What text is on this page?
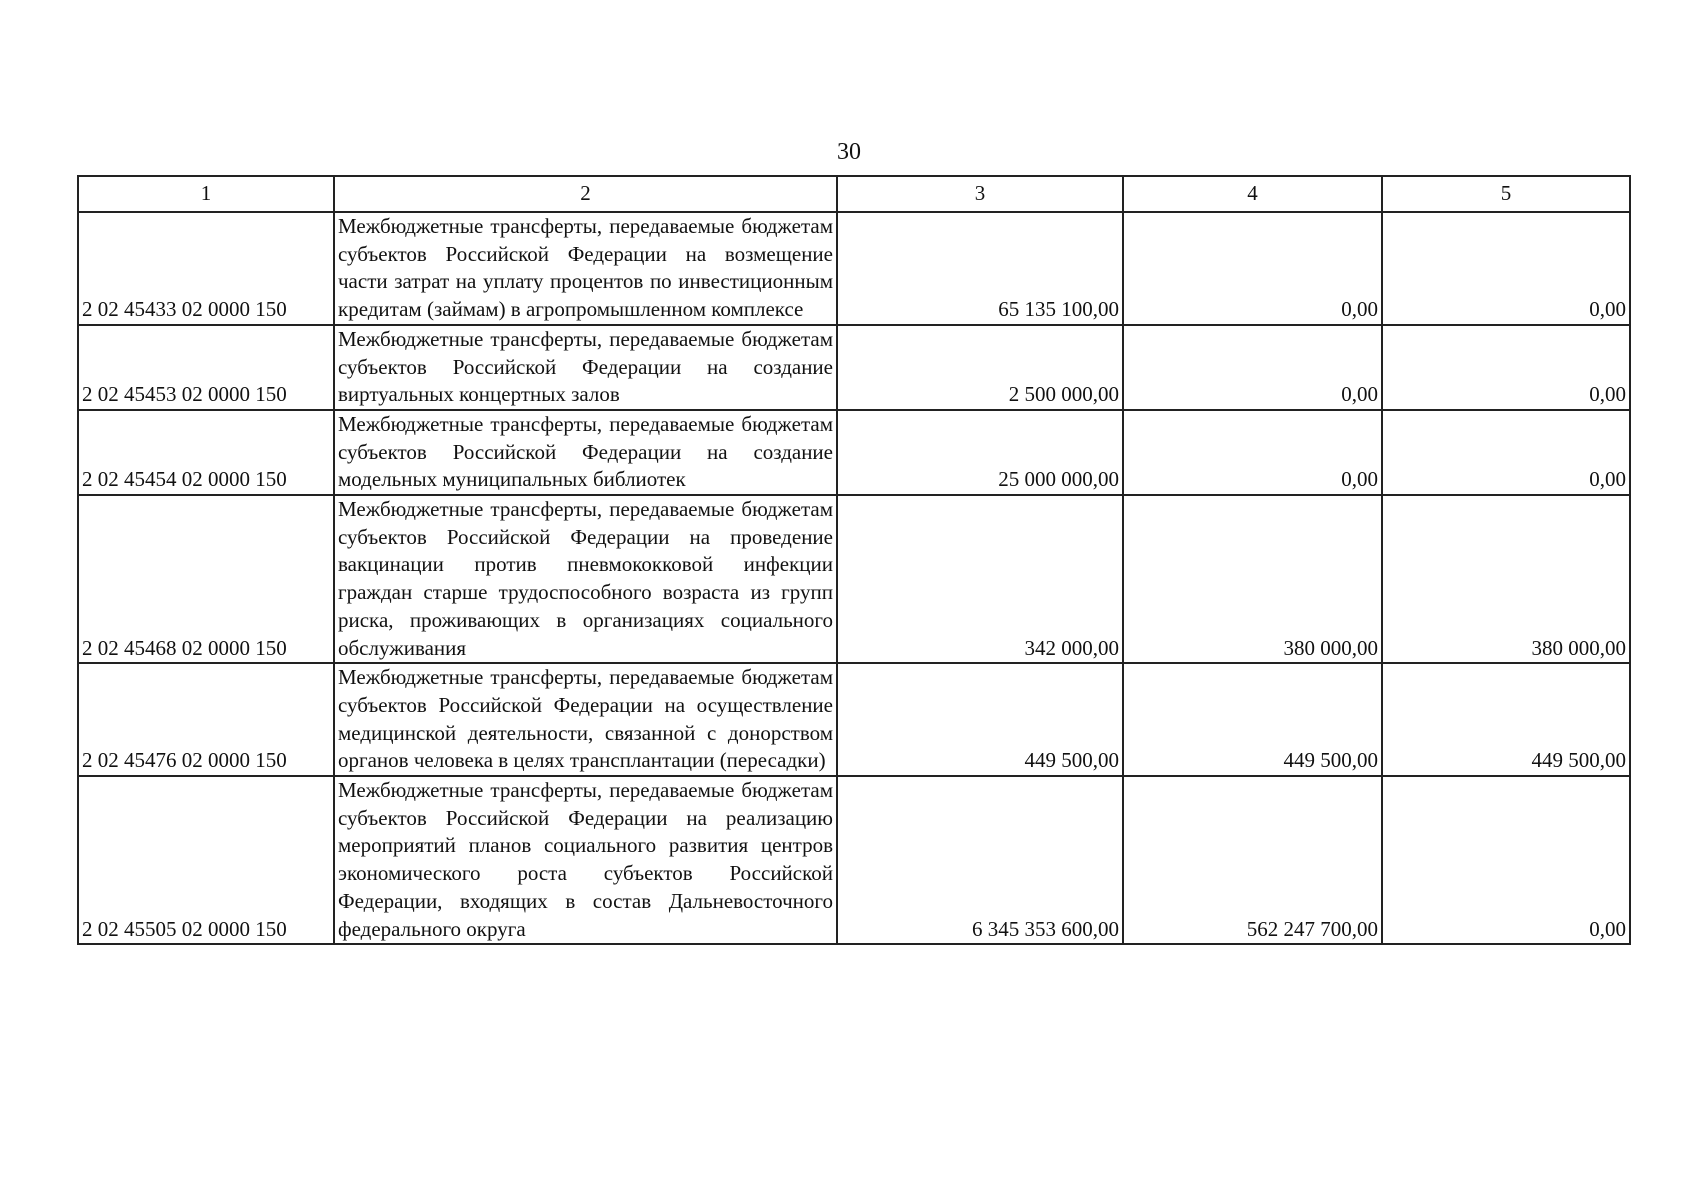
30
1	2	3	4	5
2 02 45433 02 0000 150	Межбюджетные трансферты, передаваемые бюджетам субъектов Российской Федерации на возмещение части затрат на уплату процентов по инвестиционным кредитам (займам) в агропромышленном комплексе	65 135 100,00	0,00	0,00
2 02 45453 02 0000 150	Межбюджетные трансферты, передаваемые бюджетам субъектов Российской Федерации на создание виртуальных концертных залов	2 500 000,00	0,00	0,00
2 02 45454 02 0000 150	Межбюджетные трансферты, передаваемые бюджетам субъектов Российской Федерации на создание модельных муниципальных библиотек	25 000 000,00	0,00	0,00
2 02 45468 02 0000 150	Межбюджетные трансферты, передаваемые бюджетам субъектов Российской Федерации на проведение вакцинации против пневмококковой инфекции граждан старше трудоспособного возраста из групп риска, проживающих в организациях социального обслуживания	342 000,00	380 000,00	380 000,00
2 02 45476 02 0000 150	Межбюджетные трансферты, передаваемые бюджетам субъектов Российской Федерации на осуществление медицинской деятельности, связанной с донорством органов человека в целях трансплантации (пересадки)	449 500,00	449 500,00	449 500,00
2 02 45505 02 0000 150	Межбюджетные трансферты, передаваемые бюджетам субъектов Российской Федерации на реализацию мероприятий планов социального развития центров экономического роста субъектов Российской Федерации, входящих в состав Дальневосточного федерального округа	6 345 353 600,00	562 247 700,00	0,00
